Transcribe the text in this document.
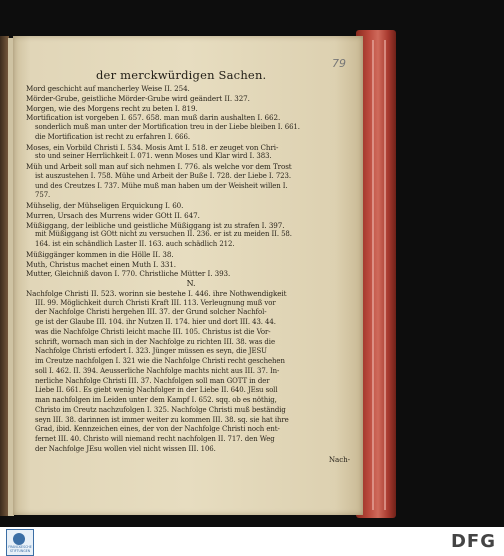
79
der merckwürdigen Sachen.
Mord geschicht auf mancherley Weise II. 254.
Mörder-Grube, geistliche Mörder-Grube wird geändert II. 327.
Morgen, wie des Morgens recht zu beten I. 819.
Mortification ist vorgeben I. 657. 658. man muß darin aushalten I. 662.
sonderlich muß man unter der Mortification treu in der Liebe bleiben I. 661.
die Mortification ist recht zu erfahren I. 666.
Moses, ein Vorbild Christi I. 534. Mosis Amt I. 518. er zeuget von Chri-
sto und seiner Herrlichkeit I. 071. wenn Moses und Klar wird I. 383.
Müh und Arbeit soll man auf sich nehmen I. 776. als welche vor dem Trost
ist auszustehen I. 758. Mühe und Arbeit der Buße I. 728. der Liebe I. 723.
und des Creutzes I. 737. Mühe muß man haben um der Weisheit willen I.
757.
Mühselig, der Mühseligen Erquickung I. 60.
Murren, Ursach des Murrens wider GOtt II. 647.
Müßiggang, der leibliche und geistliche Müßiggang ist zu strafen I. 397.
mit Müßiggang ist GOtt nicht zu versuchen II. 236. er ist zu meiden II. 58.
164. ist ein schändlich Laster II. 163. auch schädlich 212.
Müßiggänger kommen in die Hölle II. 38.
Muth, Christus machet einen Muth I. 331.
Mutter, Gleichniß davon I. 770. Christliche Mütter I. 393.
N.
Nachfolge Christi II. 523. worinn sie bestehe I. 446. ihre Nothwendigkeit
III. 99. Möglichkeit durch Christi Kraft III. 113. Verleugnung muß vor
der Nachfolge Christi hergehen III. 37. der Grund solcher Nachfol-
ge ist der Glaube III. 104. ihr Nutzen II. 174. hier und dort III. 43. 44.
was die Nachfolge Christi leicht mache III. 105. Christus ist die Vor-
schrift, wornach man sich in der Nachfolge zu richten III. 38. was die
Nachfolge Christi erfodert I. 323. Jünger müssen es seyn, die JESU
im Creutze nachfolgen I. 321 wie die Nachfolge Christi recht geschehen
soll I. 462. II. 394. Aeusserliche Nachfolge machts nicht aus III. 37. In-
nerliche Nachfolge Christi III. 37. Nachfolgen soll man GOTT in der
Liebe II. 661. Es giebt wenig Nachfolger in der Liebe II. 640. JEsu soll
man nachfolgen im Leiden unter dem Kampf I. 652. sqq. ob es nöthig,
Christo im Creutz nachzufolgen I. 325. Nachfolge Christi muß beständig
seyn III. 38. darinnen ist immer weiter zu kommen III. 38. sq. sie hat ihre
Grad, ibid. Kennzeichen eines, der von der Nachfolge Christi noch ent-
fernet III. 40. Christo will niemand recht nachfolgen II. 717. den Weg
der Nachfolge JEsu wollen viel nicht wissen III. 106.
Nach-
FRANCKESCHE STIFTUNGEN	DFG
